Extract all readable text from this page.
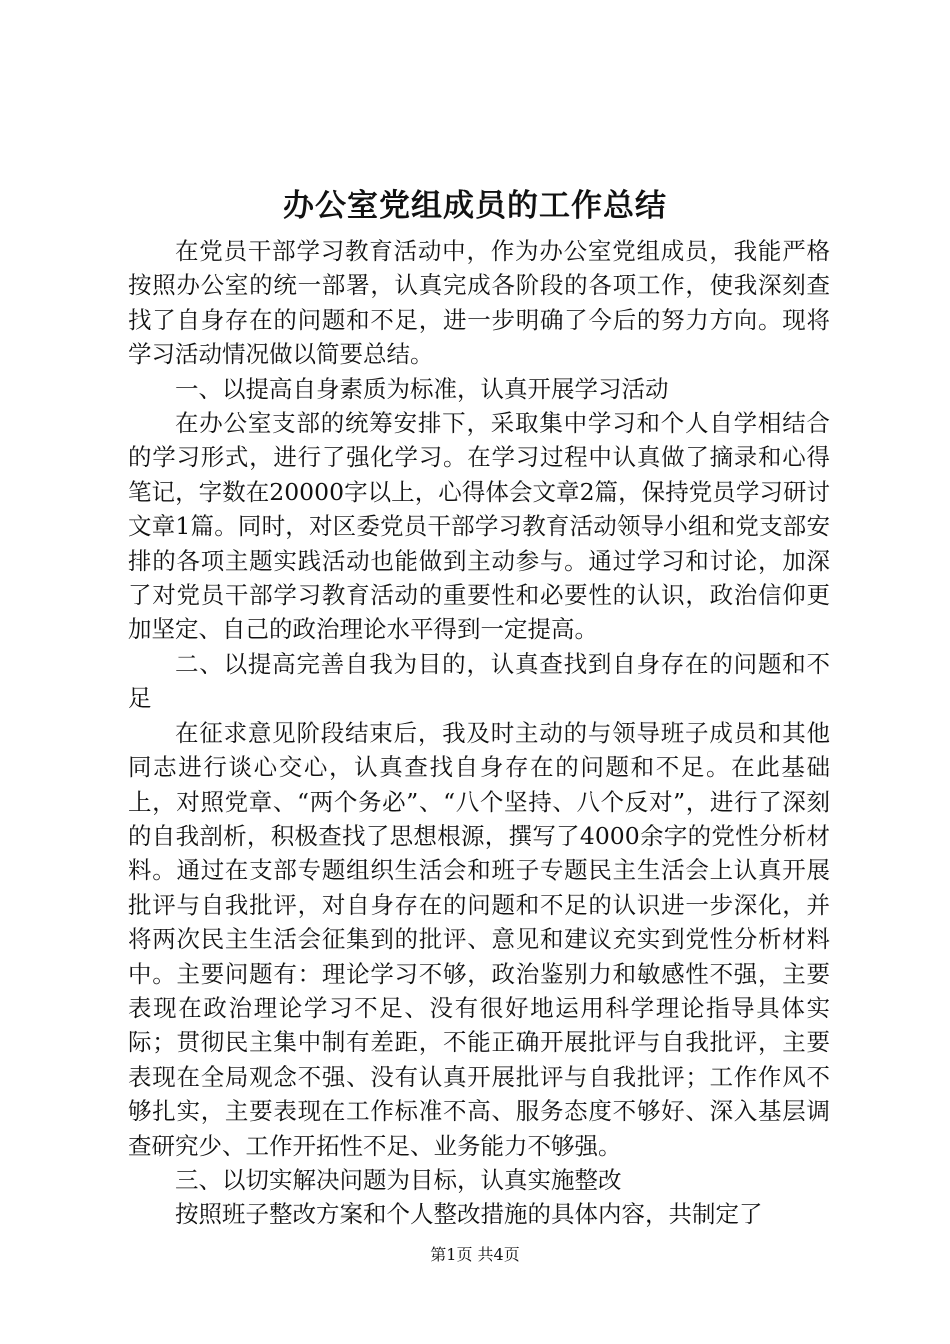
办公室党组成员的工作总结

在党员干部学习教育活动中，作为办公室党组成员，我能严格按照办公室的统一部署，认真完成各阶段的各项工作，使我深刻查找了自身存在的问题和不足，进一步明确了今后的努力方向。现将学习活动情况做以简要总结。

一、以提高自身素质为标准，认真开展学习活动

在办公室支部的统筹安排下，采取集中学习和个人自学相结合的学习形式，进行了强化学习。在学习过程中认真做了摘录和心得笔记，字数在20000字以上，心得体会文章2篇，保持党员学习研讨文章1篇。同时，对区委党员干部学习教育活动领导小组和党支部安排的各项主题实践活动也能做到主动参与。通过学习和讨论，加深了对党员干部学习教育活动的重要性和必要性的认识，政治信仰更加坚定、自己的政治理论水平得到一定提高。

二、以提高完善自我为目的，认真查找到自身存在的问题和不足

在征求意见阶段结束后，我及时主动的与领导班子成员和其他同志进行谈心交心，认真查找自身存在的问题和不足。在此基础上，对照党章、“两个务必”、“八个坚持、八个反对”，进行了深刻的自我剖析，积极查找了思想根源，撰写了4000余字的党性分析材料。通过在支部专题组织生活会和班子专题民主生活会上认真开展批评与自我批评，对自身存在的问题和不足的认识进一步深化，并将两次民主生活会征集到的批评、意见和建议充实到党性分析材料中。主要问题有：理论学习不够，政治鉴别力和敏感性不强，主要表现在政治理论学习不足、没有很好地运用科学理论指导具体实际；贯彻民主集中制有差距，不能正确开展批评与自我批评，主要表现在全局观念不强、没有认真开展批评与自我批评；工作作风不够扎实，主要表现在工作标准不高、服务态度不够好、深入基层调查研究少、工作开拓性不足、业务能力不够强。

三、以切实解决问题为目标，认真实施整改

按照班子整改方案和个人整改措施的具体内容，共制定了

第1页 共4页
